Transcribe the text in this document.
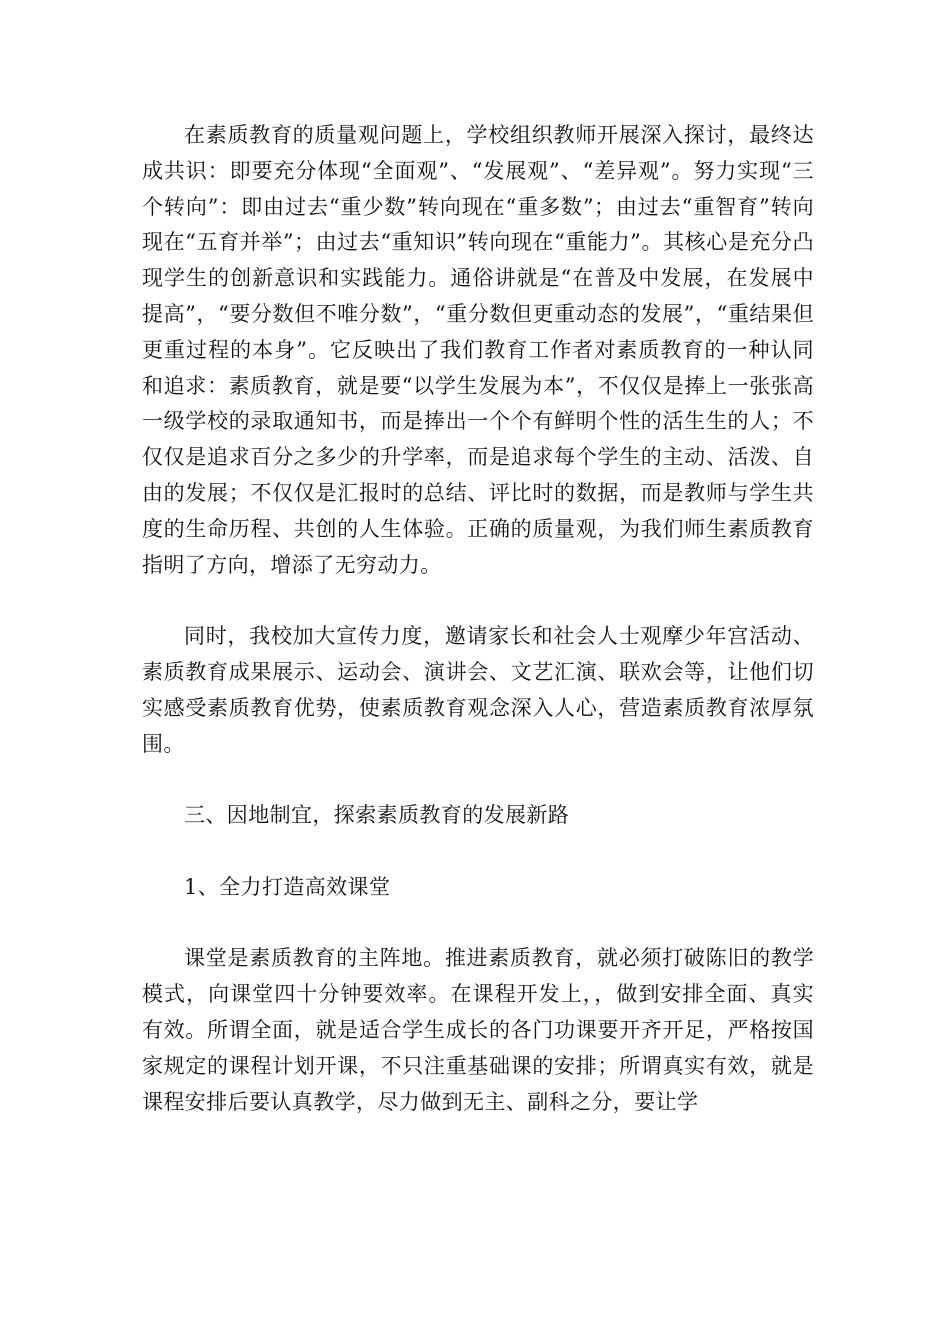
在素质教育的质量观问题上，学校组织教师开展深入探讨，最终达成共识：即要充分体现“全面观”、“发展观”、“差异观”。努力实现“三个转向”：即由过去“重少数”转向现在“重多数”；由过去“重智育”转向现在“五育并举”；由过去“重知识”转向现在“重能力”。其核心是充分凸现学生的创新意识和实践能力。通俗讲就是“在普及中发展，在发展中提高”，“要分数但不唯分数”，“重分数但更重动态的发展”，“重结果但更重过程的本身”。它反映出了我们教育工作者对素质教育的一种认同和追求：素质教育，就是要“以学生发展为本”，不仅仅是捧上一张张高一级学校的录取通知书，而是捧出一个个有鲜明个性的活生生的人；不仅仅是追求百分之多少的升学率，而是追求每个学生的主动、活泼、自由的发展；不仅仅是汇报时的总结、评比时的数据，而是教师与学生共度的生命历程、共创的人生体验。正确的质量观，为我们师生素质教育指明了方向，增添了无穷动力。

同时，我校加大宣传力度，邀请家长和社会人士观摩少年宫活动、素质教育成果展示、运动会、演讲会、文艺汇演、联欢会等，让他们切实感受素质教育优势，使素质教育观念深入人心，营造素质教育浓厚氛围。

三、因地制宜，探索素质教育的发展新路

1、全力打造高效课堂

课堂是素质教育的主阵地。推进素质教育，就必须打破陈旧的教学模式，向课堂四十分钟要效率。在课程开发上，，做到安排全面、真实有效。所谓全面，就是适合学生成长的各门功课要开齐开足，严格按国家规定的课程计划开课，不只注重基础课的安排；所谓真实有效，就是课程安排后要认真教学，尽力做到无主、副科之分，要让学
